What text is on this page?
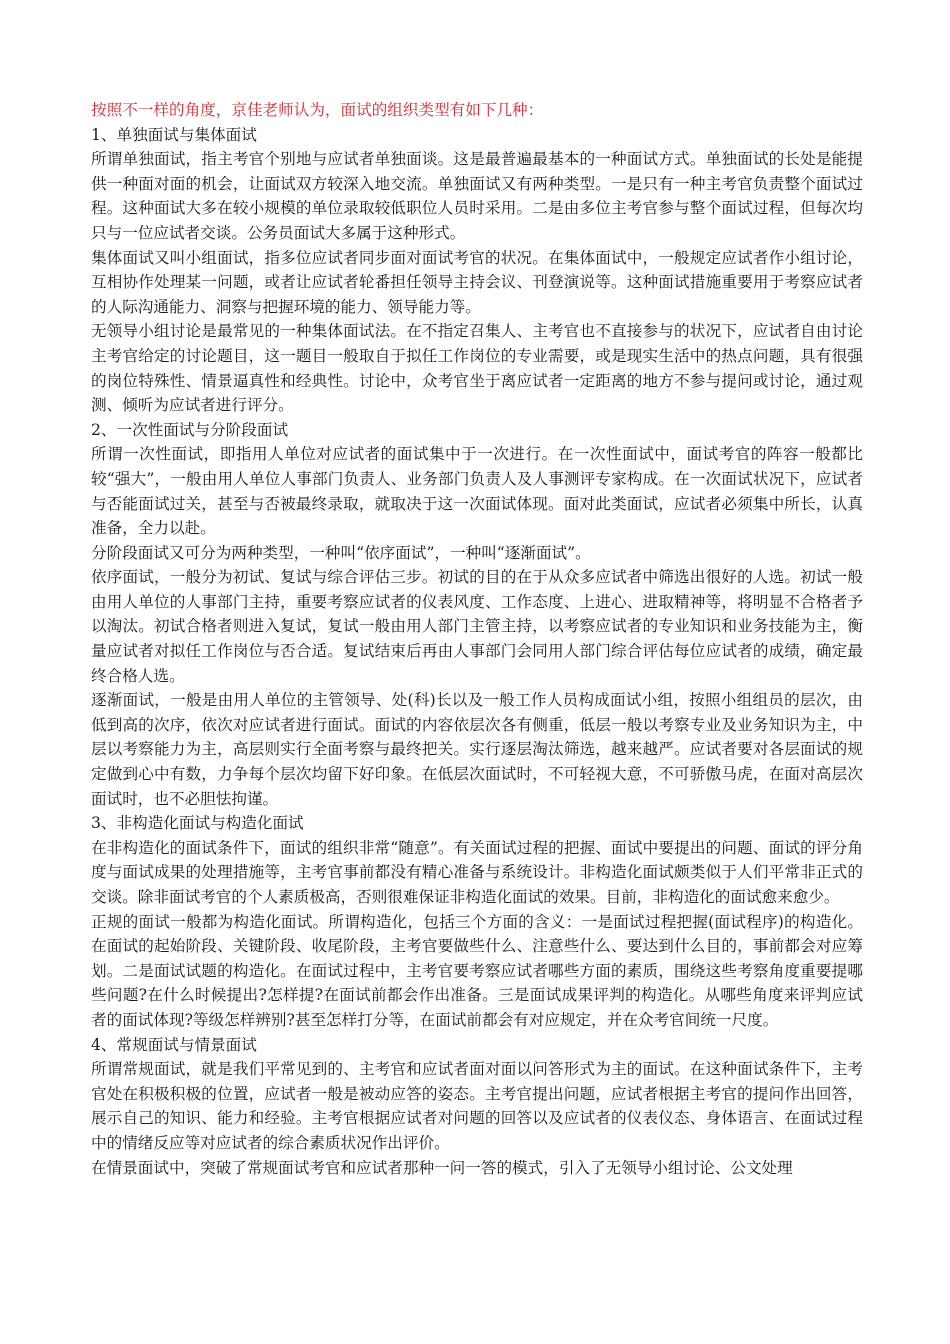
按照不一样的角度，京佳老师认为，面试的组织类型有如下几种：

1、单独面试与集体面试

所谓单独面试，指主考官个别地与应试者单独面谈。这是最普遍最基本的一种面试方式。单独面试的长处是能提供一种面对面的机会，让面试双方较深入地交流。单独面试又有两种类型。一是只有一种主考官负责整个面试过程。这种面试大多在较小规模的单位录取较低职位人员时采用。二是由多位主考官参与整个面试过程，但每次均只与一位应试者交谈。公务员面试大多属于这种形式。

集体面试又叫小组面试，指多位应试者同步面对面试考官的状况。在集体面试中，一般规定应试者作小组讨论，互相协作处理某一问题，或者让应试者轮番担任领导主持会议、刊登演说等。这种面试措施重要用于考察应试者的人际沟通能力、洞察与把握环境的能力、领导能力等。

无领导小组讨论是最常见的一种集体面试法。在不指定召集人、主考官也不直接参与的状况下，应试者自由讨论主考官给定的讨论题目，这一题目一般取自于拟任工作岗位的专业需要，或是现实生活中的热点问题，具有很强的岗位特殊性、情景逼真性和经典性。讨论中，众考官坐于离应试者一定距离的地方不参与提问或讨论，通过观测、倾听为应试者进行评分。

2、一次性面试与分阶段面试

所谓一次性面试，即指用人单位对应试者的面试集中于一次进行。在一次性面试中，面试考官的阵容一般都比较“强大”，一般由用人单位人事部门负责人、业务部门负责人及人事测评专家构成。在一次面试状况下，应试者与否能面试过关，甚至与否被最终录取，就取决于这一次面试体现。面对此类面试，应试者必须集中所长，认真准备，全力以赴。

分阶段面试又可分为两种类型，一种叫“依序面试”，一种叫“逐渐面试”。

依序面试，一般分为初试、复试与综合评估三步。初试的目的在于从众多应试者中筛选出很好的人选。初试一般由用人单位的人事部门主持，重要考察应试者的仪表风度、工作态度、上进心、进取精神等，将明显不合格者予以淘汰。初试合格者则进入复试，复试一般由用人部门主管主持，以考察应试者的专业知识和业务技能为主，衡量应试者对拟任工作岗位与否合适。复试结束后再由人事部门会同用人部门综合评估每位应试者的成绩，确定最终合格人选。

逐渐面试，一般是由用人单位的主管领导、处(科)长以及一般工作人员构成面试小组，按照小组组员的层次，由低到高的次序，依次对应试者进行面试。面试的内容依层次各有侧重，低层一般以考察专业及业务知识为主，中层以考察能力为主，高层则实行全面考察与最终把关。实行逐层淘汰筛选，越来越严。应试者要对各层面试的规定做到心中有数，力争每个层次均留下好印象。在低层次面试时，不可轻视大意，不可骄傲马虎，在面对高层次面试时，也不必胆怯拘谨。

3、非构造化面试与构造化面试

在非构造化的面试条件下，面试的组织非常“随意”。有关面试过程的把握、面试中要提出的问题、面试的评分角度与面试成果的处理措施等，主考官事前都没有精心准备与系统设计。非构造化面试颇类似于人们平常非正式的交谈。除非面试考官的个人素质极高，否则很难保证非构造化面试的效果。目前，非构造化的面试愈来愈少。

正规的面试一般都为构造化面试。所谓构造化，包括三个方面的含义：一是面试过程把握(面试程序)的构造化。在面试的起始阶段、关键阶段、收尾阶段，主考官要做些什么、注意些什么、要达到什么目的，事前都会对应筹划。二是面试试题的构造化。在面试过程中，主考官要考察应试者哪些方面的素质，围绕这些考察角度重要提哪些问题?在什么时候提出?怎样提?在面试前都会作出准备。三是面试成果评判的构造化。从哪些角度来评判应试者的面试体现?等级怎样辨别?甚至怎样打分等，在面试前都会有对应规定，并在众考官间统一尺度。

4、常规面试与情景面试

所谓常规面试，就是我们平常见到的、主考官和应试者面对面以问答形式为主的面试。在这种面试条件下，主考官处在积极积极的位置，应试者一般是被动应答的姿态。主考官提出问题，应试者根据主考官的提问作出回答，展示自己的知识、能力和经验。主考官根据应试者对问题的回答以及应试者的仪表仪态、身体语言、在面试过程中的情绪反应等对应试者的综合素质状况作出评价。

在情景面试中，突破了常规面试考官和应试者那种一问一答的模式，引入了无领导小组讨论、公文处理
